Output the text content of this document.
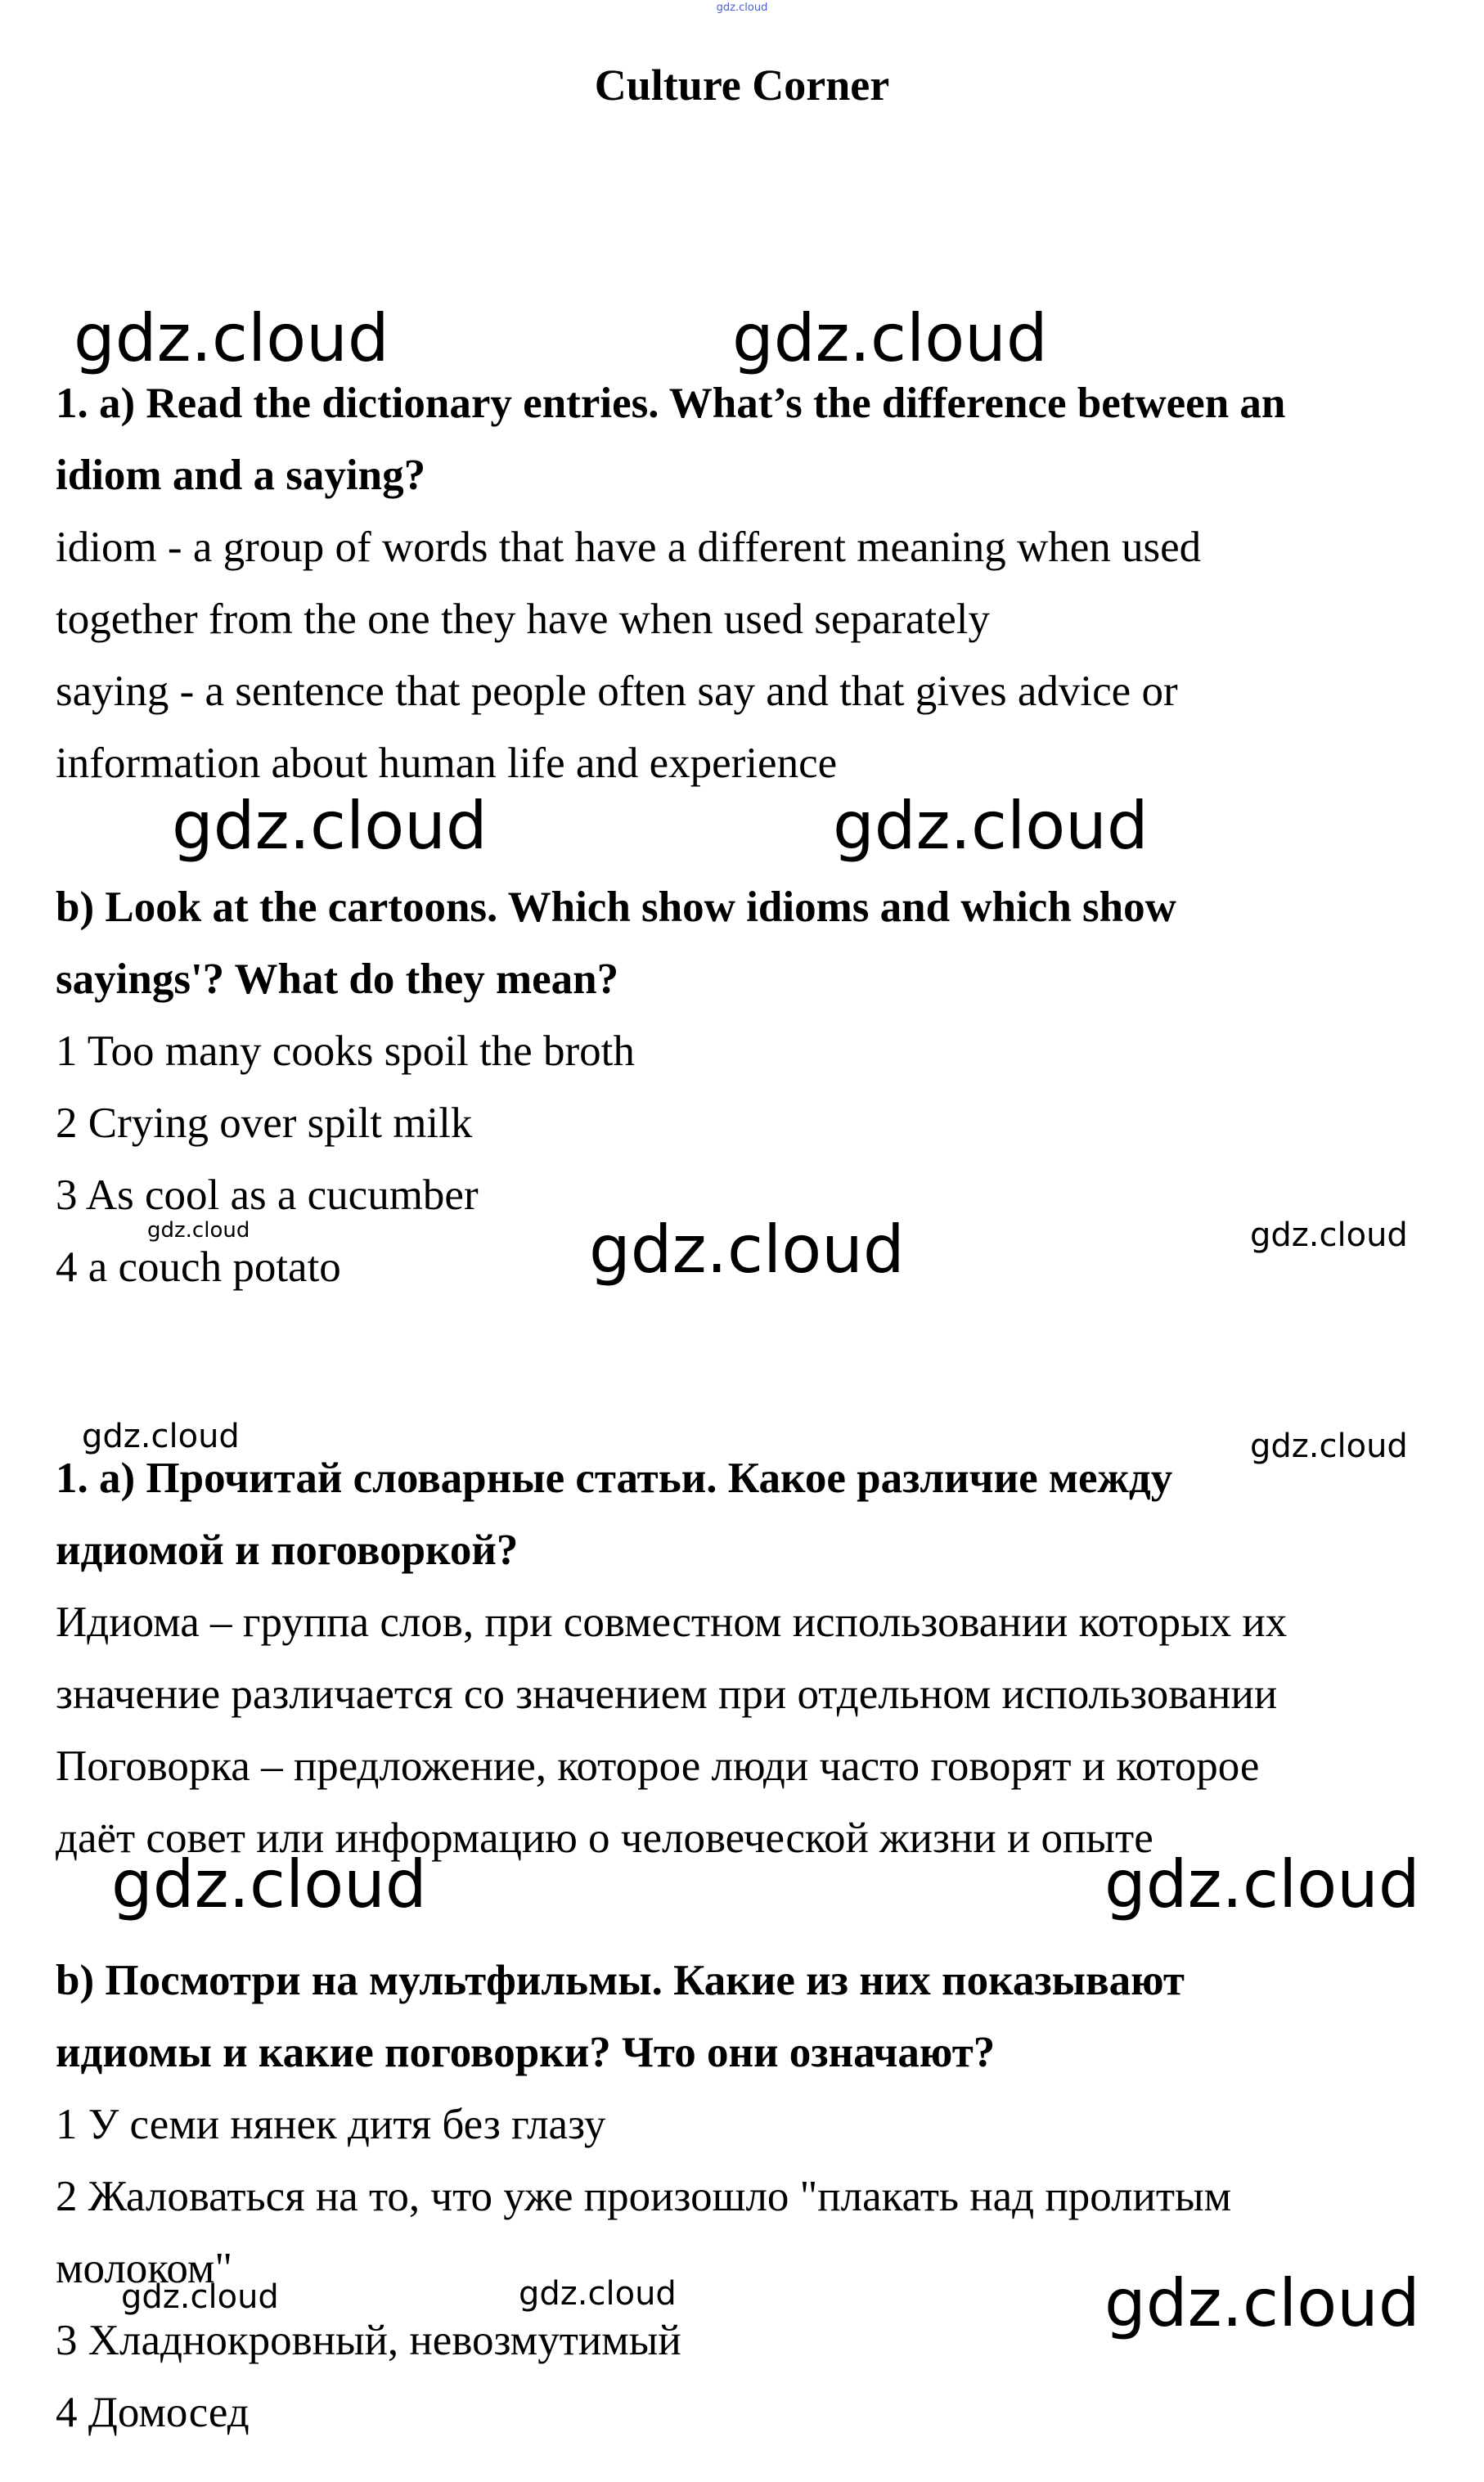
gdz.cloud
Culture Corner
gdz.cloud	gdz.cloud
1. a) Read the dictionary entries. What’s the difference between an
idiom and a saying?
idiom - a group of words that have a different meaning when used
together from the one they have when used separately
saying - a sentence that people often say and that gives advice or
information about human life and experience
gdz.cloud	gdz.cloud
b) Look at the cartoons. Which show idioms and which show
sayings'? What do they mean?
1 Too many cooks spoil the broth
2 Crying over spilt milk
3 As cool as a cucumber
4 a couch potato
gdz.cloud	gdz.cloud	gdz.cloud
gdz.cloud	gdz.cloud
1. а) Прочитай словарные статьи. Какое различие между
идиомой и поговоркой?
Идиома – группа слов, при совместном использовании которых их
значение различается со значением при отдельном использовании
Поговорка – предложение, которое люди часто говорят и которое
даёт совет или информацию о человеческой жизни и опыте
gdz.cloud	gdz.cloud
b) Посмотри на мультфильмы. Какие из них показывают
идиомы и какие поговорки? Что они означают?
1 У семи нянек дитя без глазу
2 Жаловаться на то, что уже произошло "плакать над пролитым
молоком"
3 Хладнокровный, невозмутимый
4 Домосед
gdz.cloud	gdz.cloud	gdz.cloud
